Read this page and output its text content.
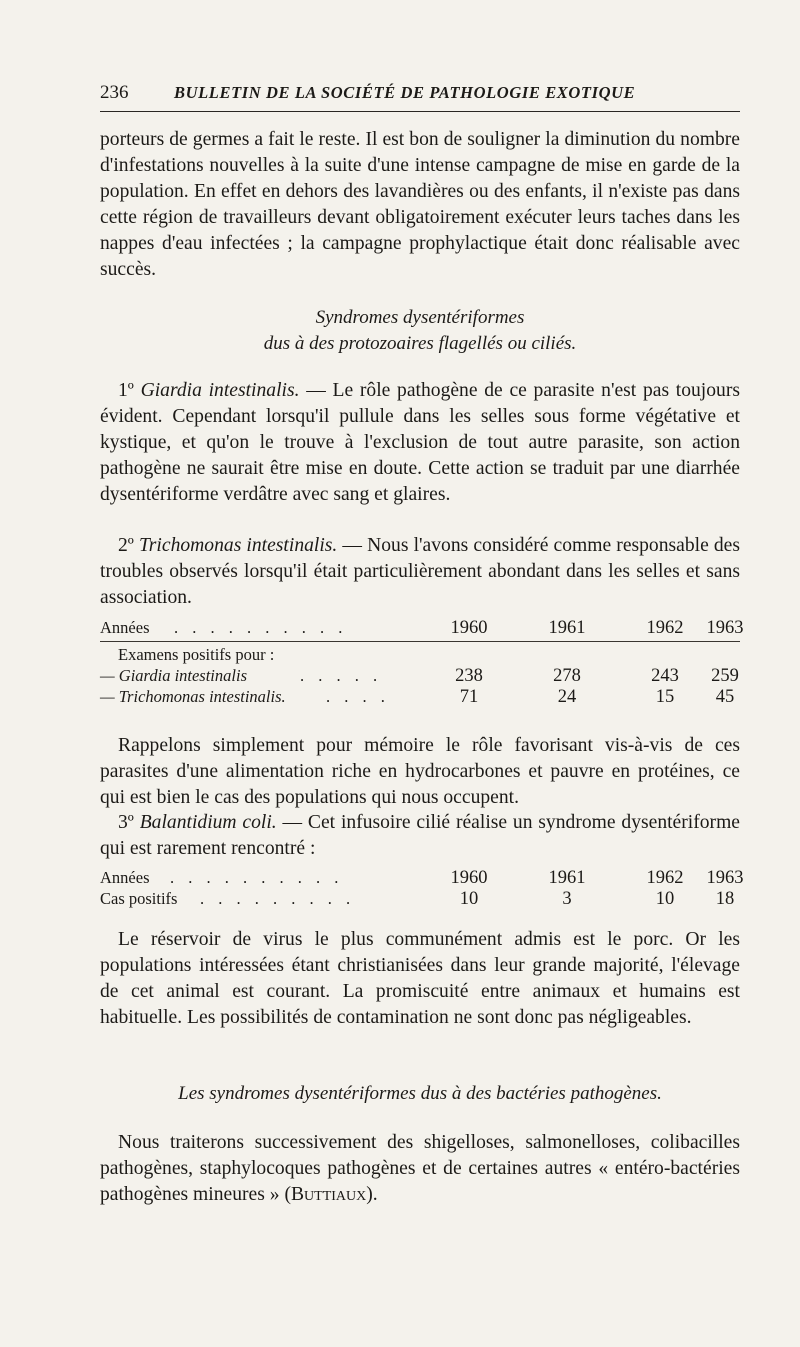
236	BULLETIN DE LA SOCIÉTÉ DE PATHOLOGIE EXOTIQUE

porteurs de germes a fait le reste. Il est bon de souligner la diminution du nombre d'infestations nouvelles à la suite d'une intense campagne de mise en garde de la population. En effet en dehors des lavandières ou des enfants, il n'existe pas dans cette région de travailleurs devant obligatoirement exécuter leurs taches dans les nappes d'eau infectées ; la campagne prophylactique était donc réalisable avec succès.

Syndromes dysentériformes
dus à des protozoaires flagellés ou ciliés.

1º Giardia intestinalis. — Le rôle pathogène de ce parasite n'est pas toujours évident. Cependant lorsqu'il pullule dans les selles sous forme végétative et kystique, et qu'on le trouve à l'exclusion de tout autre parasite, son action pathogène ne saurait être mise en doute. Cette action se traduit par une diarrhée dysentériforme verdâtre avec sang et glaires.

2º Trichomonas intestinalis. — Nous l'avons considéré comme responsable des troubles observés lorsqu'il était particulièrement abondant dans les selles et sans association.

Années . . . . . . . . . .	1960	1961	1962	1963
Examens positifs pour :
— Giardia intestinalis	. . . . .	238	278	243	259
— Trichomonas intestinalis. . . . .	71	24	15	45

Rappelons simplement pour mémoire le rôle favorisant vis-à-vis de ces parasites d'une alimentation riche en hydrocarbones et pauvre en protéines, ce qui est bien le cas des populations qui nous occupent.

3º Balantidium coli. — Cet infusoire cilié réalise un syndrome dysentériforme qui est rarement rencontré :

Années . . . . . . . . . .	1960	1961	1962	1963
Cas positifs . . . . . . . . .	10	3	10	18

Le réservoir de virus le plus communément admis est le porc. Or les populations intéressées étant christianisées dans leur grande majorité, l'élevage de cet animal est courant. La promiscuité entre animaux et humains est habituelle. Les possibilités de contamination ne sont donc pas négligeables.

Les syndromes dysentériformes dus à des bactéries pathogènes.

Nous traiterons successivement des shigelloses, salmonelloses, colibacilles pathogènes, staphylocoques pathogènes et de certaines autres « entéro-bactéries pathogènes mineures » (Buttiaux).
